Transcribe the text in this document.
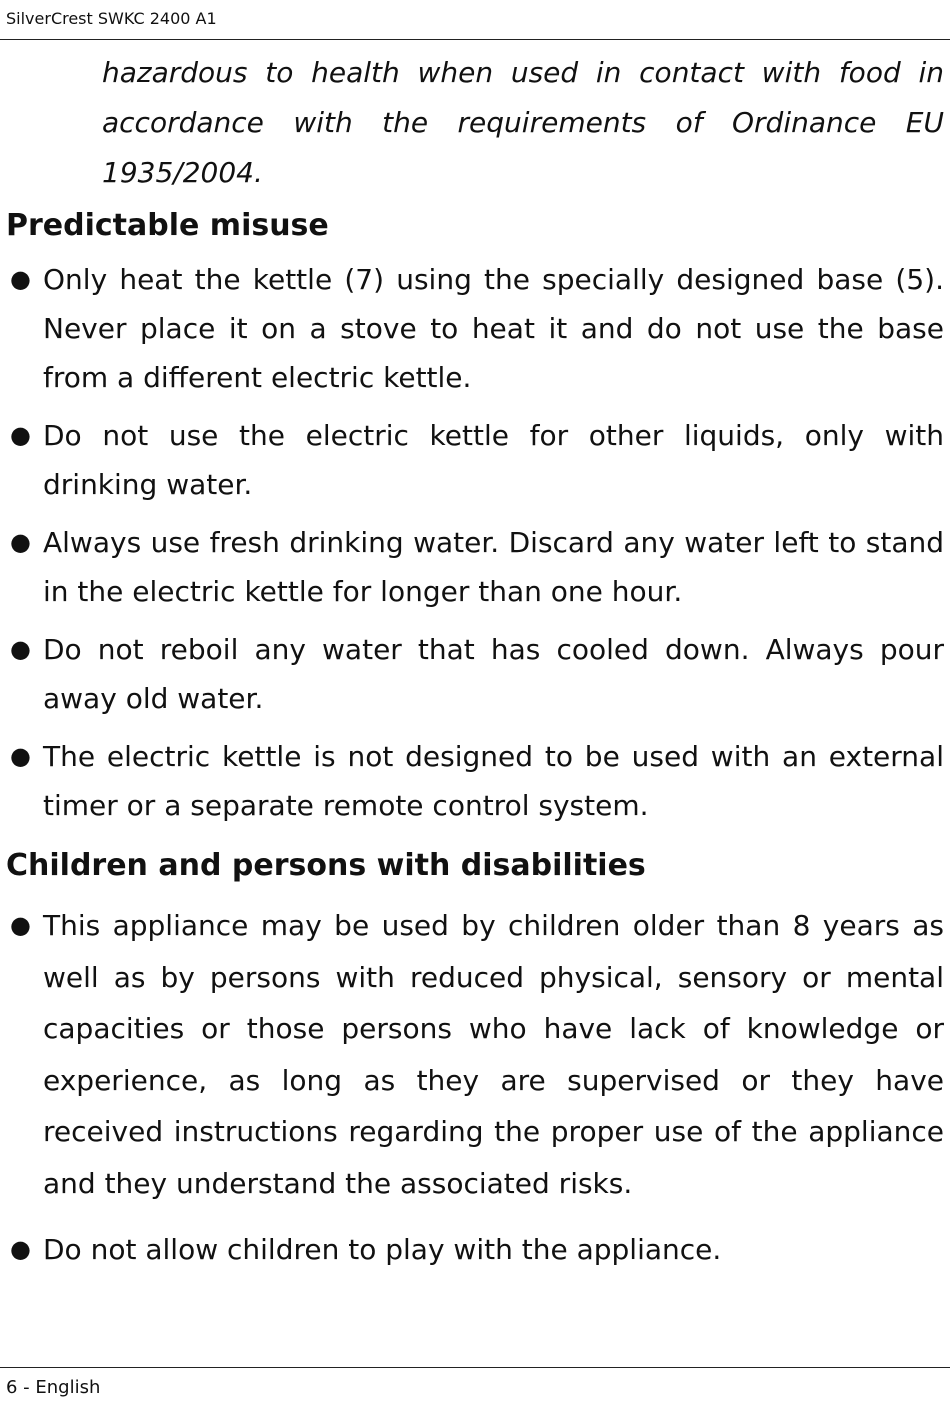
SilverCrest SWKC 2400 A1

hazardous to health when used in contact with food in accordance with the requirements of Ordinance EU 1935/2004.

Predictable misuse
● Only heat the kettle (7) using the specially designed base (5). Never place it on a stove to heat it and do not use the base from a different electric kettle.
● Do not use the electric kettle for other liquids, only with drinking water.
● Always use fresh drinking water. Discard any water left to stand in the electric kettle for longer than one hour.
● Do not reboil any water that has cooled down. Always pour away old water.
● The electric kettle is not designed to be used with an external timer or a separate remote control system.
Children and persons with disabilities
● This appliance may be used by children older than 8 years as well as by persons with reduced physical, sensory or mental capacities or those persons who have lack of knowledge or experience, as long as they are supervised or they have received instructions regarding the proper use of the appliance and they understand the associated risks.
● Do not allow children to play with the appliance.
6 - English
